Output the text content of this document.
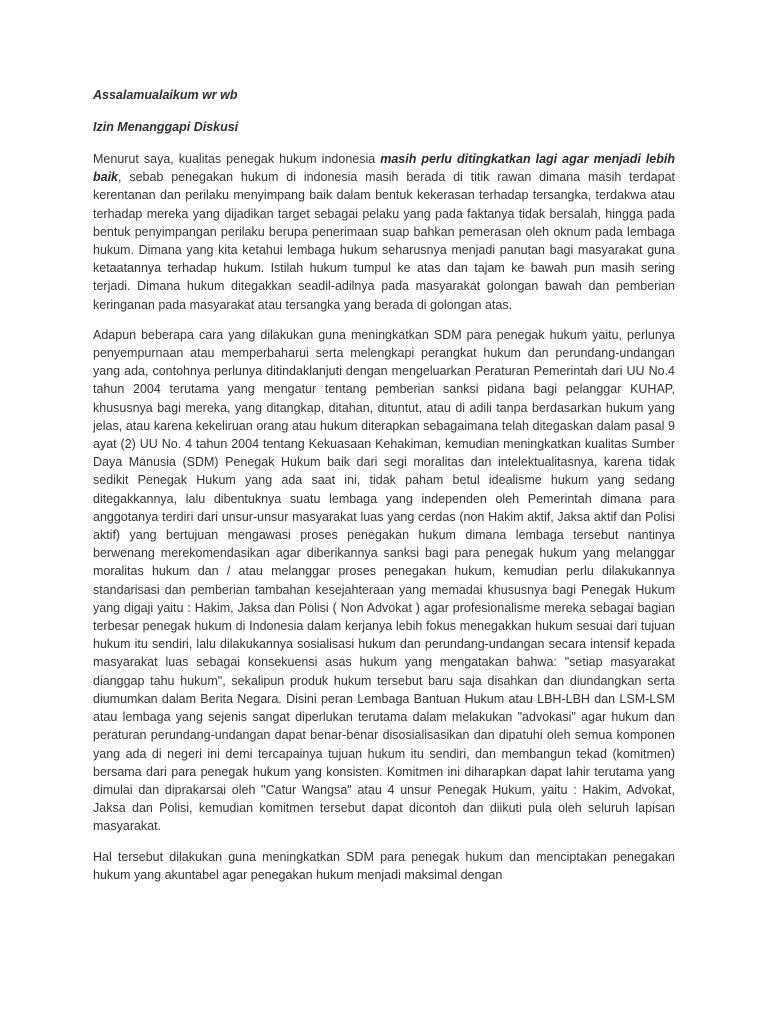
Assalamualaikum wr wb

Izin Menanggapi Diskusi

Menurut saya, kualitas penegak hukum indonesia masih perlu ditingkatkan lagi agar menjadi lebih baik, sebab penegakan hukum di indonesia masih berada di titik rawan dimana masih terdapat kerentanan dan perilaku menyimpang baik dalam bentuk kekerasan terhadap tersangka, terdakwa atau terhadap mereka yang dijadikan target sebagai pelaku yang pada faktanya tidak bersalah, hingga pada bentuk penyimpangan perilaku berupa penerimaan suap bahkan pemerasan oleh oknum pada lembaga hukum. Dimana yang kita ketahui lembaga hukum seharusnya menjadi panutan bagi masyarakat guna ketaatannya terhadap hukum. Istilah hukum tumpul ke atas dan tajam ke bawah pun masih sering terjadi. Dimana hukum ditegakkan seadil-adilnya pada masyarakat golongan bawah dan pemberian keringanan pada masyarakat atau tersangka yang berada di golongan atas.

Adapun beberapa cara yang dilakukan guna meningkatkan SDM para penegak hukum yaitu, perlunya penyempurnaan atau memperbaharui serta melengkapi perangkat hukum dan perundang-undangan yang ada, contohnya perlunya ditindaklanjuti dengan mengeluarkan Peraturan Pemerintah dari UU No.4 tahun 2004 terutama yang mengatur tentang pemberian sanksi pidana bagi pelanggar KUHAP, khususnya bagi mereka, yang ditangkap, ditahan, dituntut, atau di adili tanpa berdasarkan hukum yang jelas, atau karena kekeliruan orang atau hukum diterapkan sebagaimana telah ditegaskan dalam pasal 9 ayat (2) UU No. 4 tahun 2004 tentang Kekuasaan Kehakiman, kemudian meningkatkan kualitas Sumber Daya Manusia (SDM) Penegak Hukum baik dari segi moralitas dan intelektualitasnya, karena tidak sedikit Penegak Hukum yang ada saat ini, tidak paham betul idealisme hukum yang sedang ditegakkannya, lalu dibentuknya suatu lembaga yang independen oleh Pemerintah dimana para anggotanya terdiri dari unsur-unsur masyarakat luas yang cerdas (non Hakim aktif, Jaksa aktif dan Polisi aktif) yang bertujuan mengawasi proses penegakan hukum dimana lembaga tersebut nantinya berwenang merekomendasikan agar diberikannya sanksi bagi para penegak hukum yang melanggar moralitas hukum dan / atau melanggar proses penegakan hukum, kemudian perlu dilakukannya standarisasi dan pemberian tambahan kesejahteraan yang memadai khususnya bagi Penegak Hukum yang digaji yaitu : Hakim, Jaksa dan Polisi ( Non Advokat ) agar profesionalisme mereka sebagai bagian terbesar penegak hukum di Indonesia dalam kerjanya lebih fokus menegakkan hukum sesuai dari tujuan hukum itu sendiri, lalu dilakukannya sosialisasi hukum dan perundang-undangan secara intensif kepada masyarakat luas sebagai konsekuensi asas hukum yang mengatakan bahwa: "setiap masyarakat dianggap tahu hukum", sekalipun produk hukum tersebut baru saja disahkan dan diundangkan serta diumumkan dalam Berita Negara. Disini peran Lembaga Bantuan Hukum atau LBH-LBH dan LSM-LSM atau lembaga yang sejenis sangat diperlukan terutama dalam melakukan "advokasi" agar hukum dan peraturan perundang-undangan dapat benar-benar disosialisasikan dan dipatuhi oleh semua komponen yang ada di negeri ini demi tercapainya tujuan hukum itu sendiri, dan membangun tekad (komitmen) bersama dari para penegak hukum yang konsisten. Komitmen ini diharapkan dapat lahir terutama yang dimulai dan diprakarsai oleh "Catur Wangsa" atau 4 unsur Penegak Hukum, yaitu : Hakim, Advokat, Jaksa dan Polisi, kemudian komitmen tersebut dapat dicontoh dan diikuti pula oleh seluruh lapisan masyarakat.

Hal tersebut dilakukan guna meningkatkan SDM para penegak hukum dan menciptakan penegakan hukum yang akuntabel agar penegakan hukum menjadi maksimal dengan
